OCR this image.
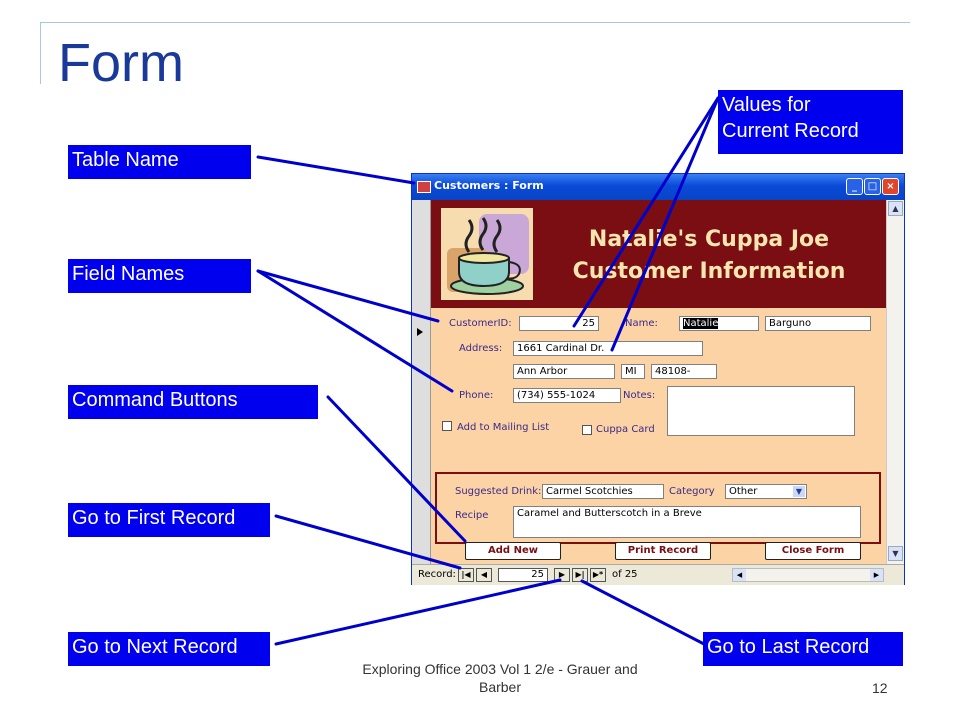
Form
Table Name
Field Names
Command Buttons
Go to First Record
Go to Next Record	Go to Last Record
Values for
Current Record
Customers : Form	_	□ ×
Natalie's Cuppa Joe
Customer Information
CustomerID:	25	Name:	Natalie	Barguno
Address:	1661 Cardinal Dr.
Ann Arbor	MI	48108-
Phone:	(734) 555-1024	Notes:
Add to Mailing List	Cuppa Card
Suggested Drink: Carmel Scotchies	Category	Other	▼
Recipe	Caramel and Butterscotch in a Breve
Add New	Print Record	Close Form
▲
▼
Record: |◀	◀	25	▶	▶|	▶* of 25	◀	▶
Exploring Office 2003 Vol 1 2/e - Grauer and
Barber	12
